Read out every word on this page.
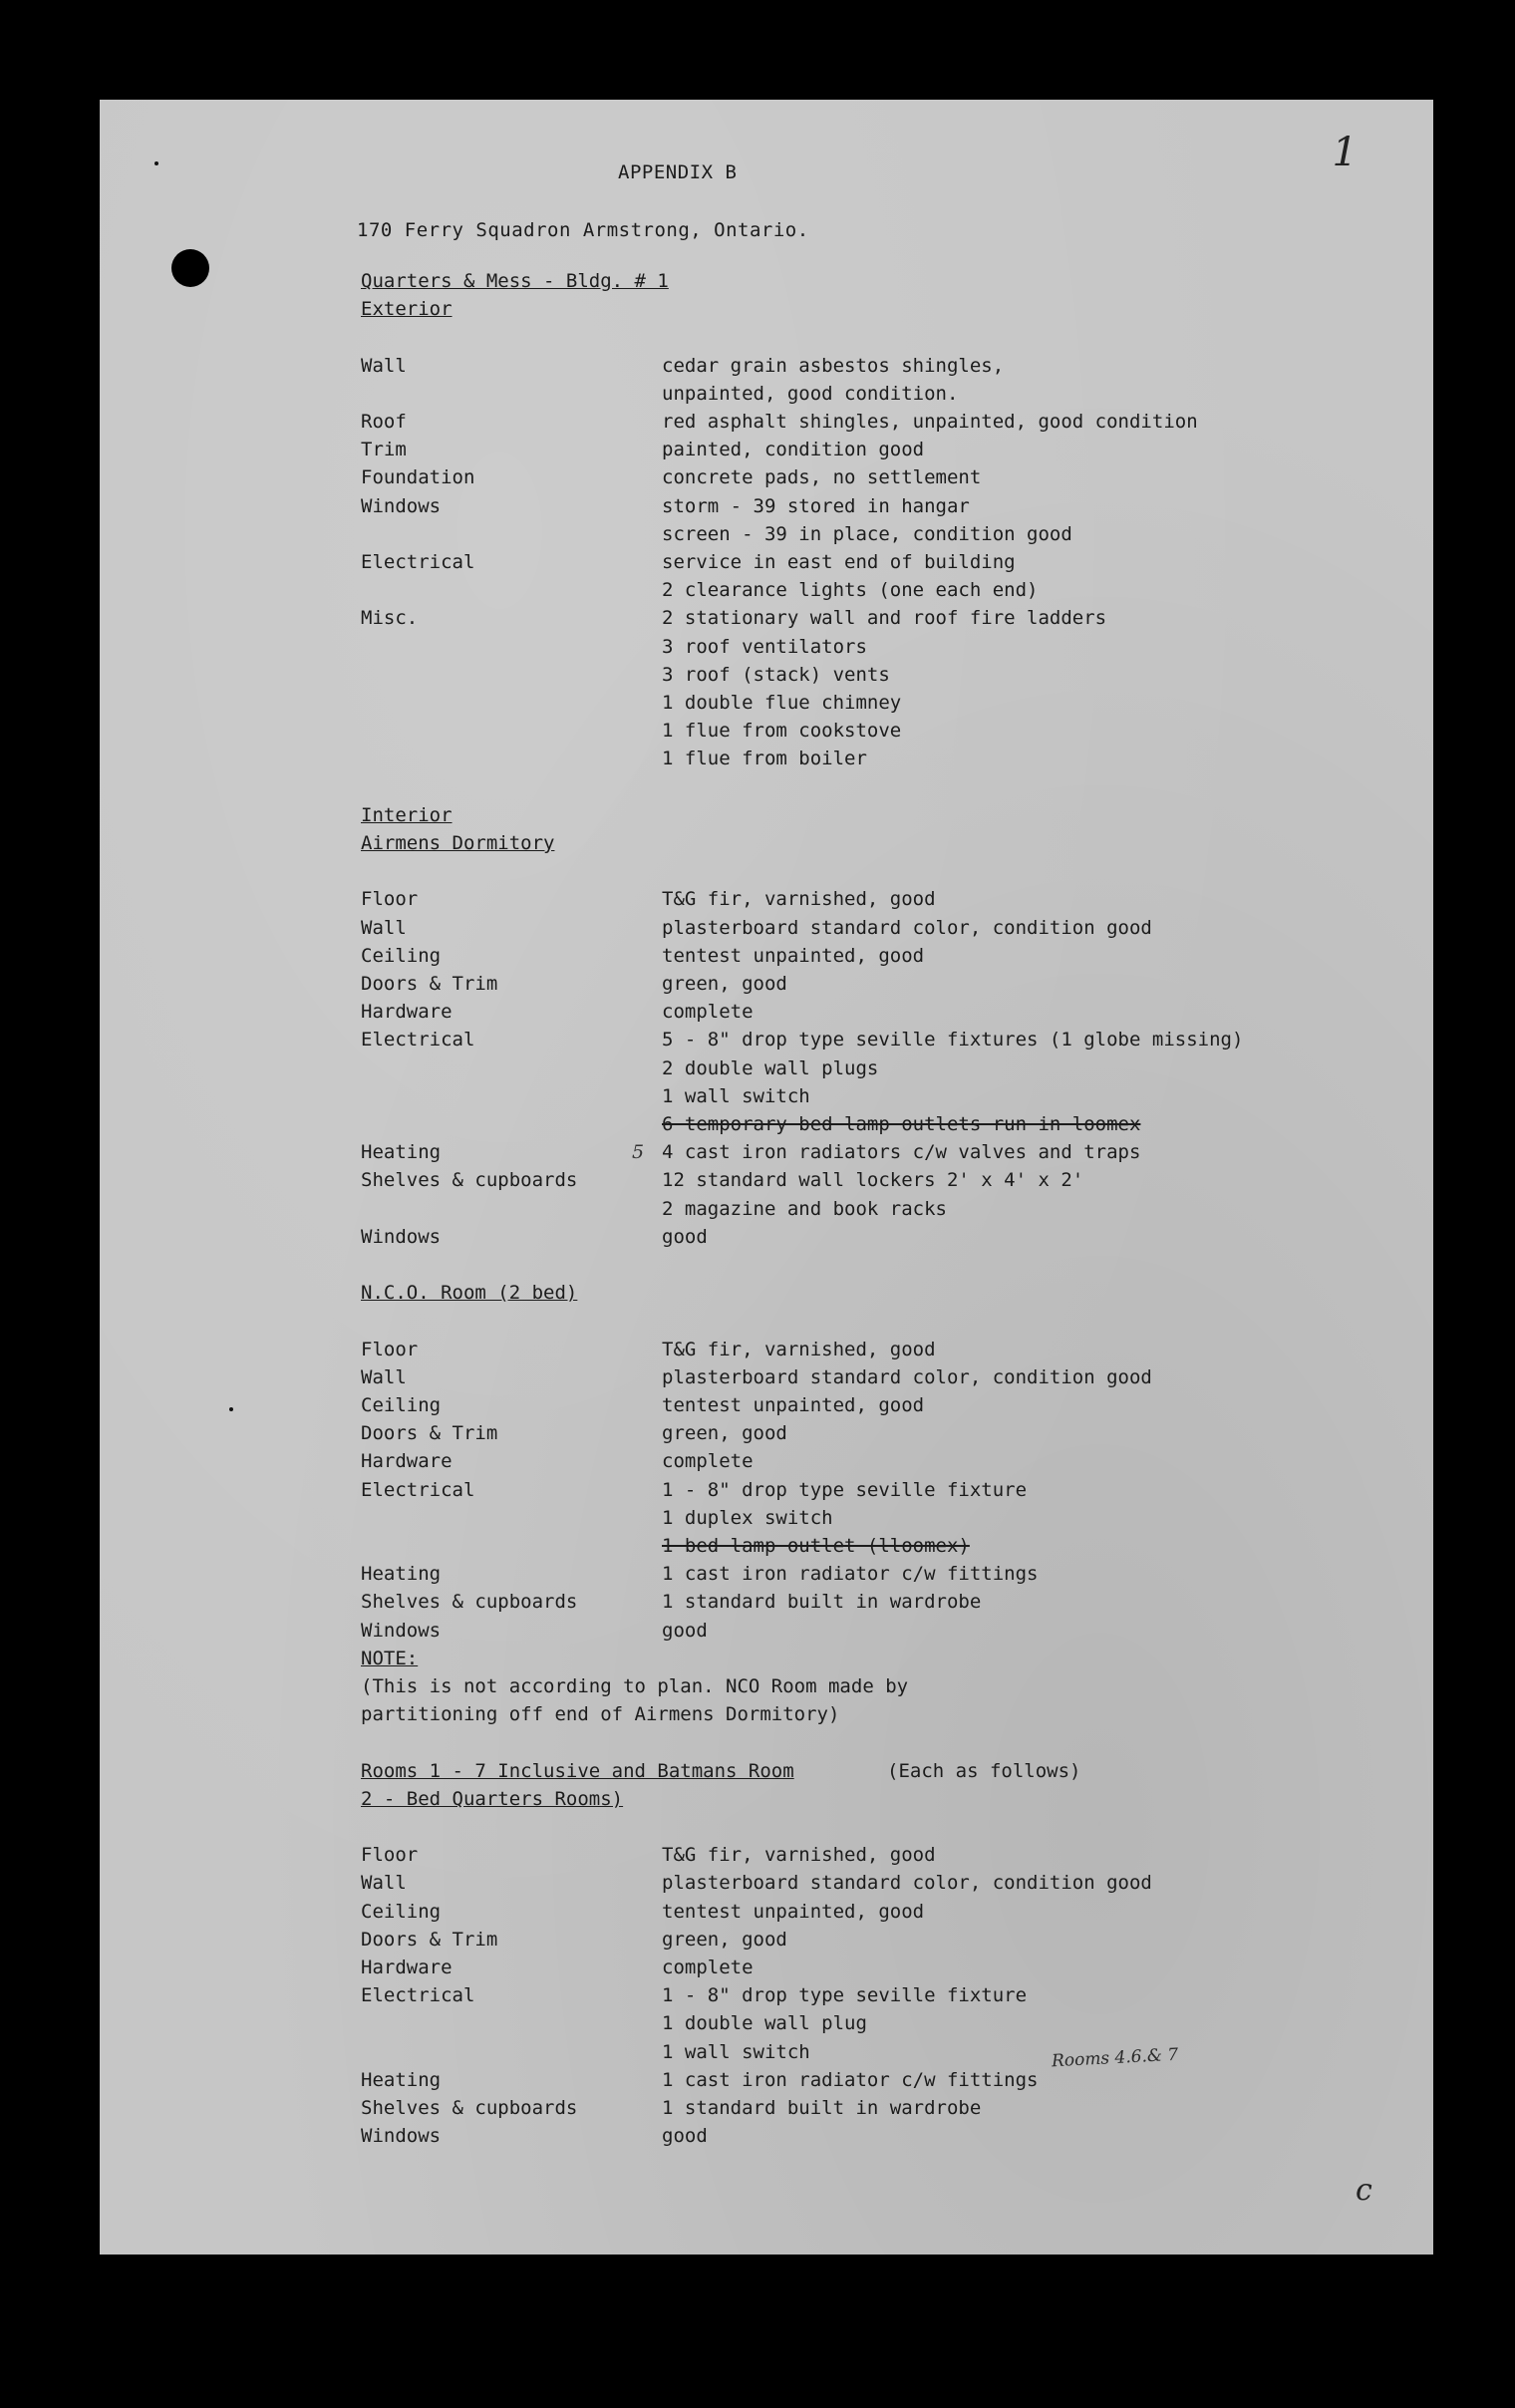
1
APPENDIX B
170 Ferry Squadron Armstrong, Ontario.
Quarters & Mess - Bldg. # 1
Exterior
Wall	cedar grain asbestos shingles,
unpainted, good condition.
Roof	red asphalt shingles, unpainted, good condition
Trim	painted, condition good
Foundation	concrete pads, no settlement
Windows	storm - 39 stored in hangar
screen - 39 in place, condition good
Electrical	service in east end of building
2 clearance lights (one each end)
Misc.	2 stationary wall and roof fire ladders
3 roof ventilators
3 roof (stack) vents
1 double flue chimney
1 flue from cookstove
1 flue from boiler
Interior
Airmens Dormitory
Floor	T&G fir, varnished, good
Wall	plasterboard standard color, condition good
Ceiling	tentest unpainted, good
Doors & Trim	green, good
Hardware	complete
Electrical	5 - 8" drop type seville fixtures (1 globe missing)
2 double wall plugs
1 wall switch
6 temporary bed lamp outlets run in loomex
Heating	4 cast iron radiators c/w valves and traps
5
Shelves & cupboards	12 standard wall lockers 2' x 4' x 2'
2 magazine and book racks
Windows	good
N.C.O. Room (2 bed)
Floor	T&G fir, varnished, good
Wall	plasterboard standard color, condition good
Ceiling	tentest unpainted, good
Doors & Trim	green, good
Hardware	complete
Electrical	1 - 8" drop type seville fixture
1 duplex switch
1 bed lamp outlet (lloomex)
Heating	1 cast iron radiator c/w fittings
Shelves & cupboards	1 standard built in wardrobe
Windows	good
NOTE:
(This is not according to plan. NCO Room made by
partitioning off end of Airmens Dormitory)
Rooms 1 - 7 Inclusive and Batmans Room	(Each as follows)
2 - Bed Quarters Rooms)
Floor	T&G fir, varnished, good
Wall	plasterboard standard color, condition good
Ceiling	tentest unpainted, good
Doors & Trim	green, good
Hardware	complete
Electrical	1 - 8" drop type seville fixture
1 double wall plug
1 wall switch
Heating	1 cast iron radiator c/w fittings
Shelves & cupboards	1 standard built in wardrobe
Windows	good
Rooms 4.6.& 7
c
